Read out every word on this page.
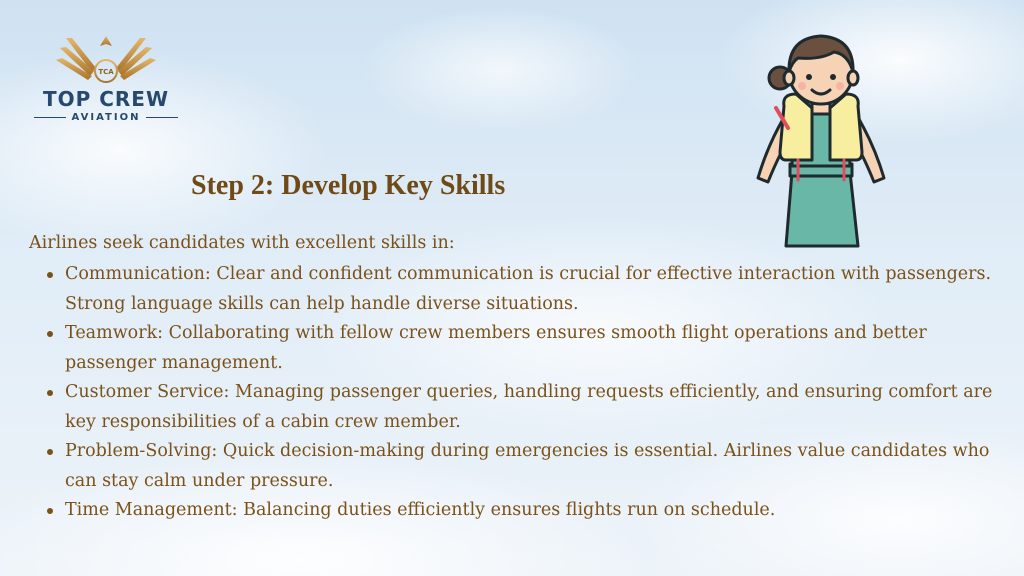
TCA
TOP CREW
AVIATION
Step 2: Develop Key Skills

Airlines seek candidates with excellent skills in:

Communication: Clear and confident communication is crucial for effective interaction with passengers. Strong language skills can help handle diverse situations.
Teamwork: Collaborating with fellow crew members ensures smooth flight operations and better passenger management.
Customer Service: Managing passenger queries, handling requests efficiently, and ensuring comfort are key responsibilities of a cabin crew member.
Problem-Solving: Quick decision-making during emergencies is essential. Airlines value candidates who can stay calm under pressure.
Time Management: Balancing duties efficiently ensures flights run on schedule.
